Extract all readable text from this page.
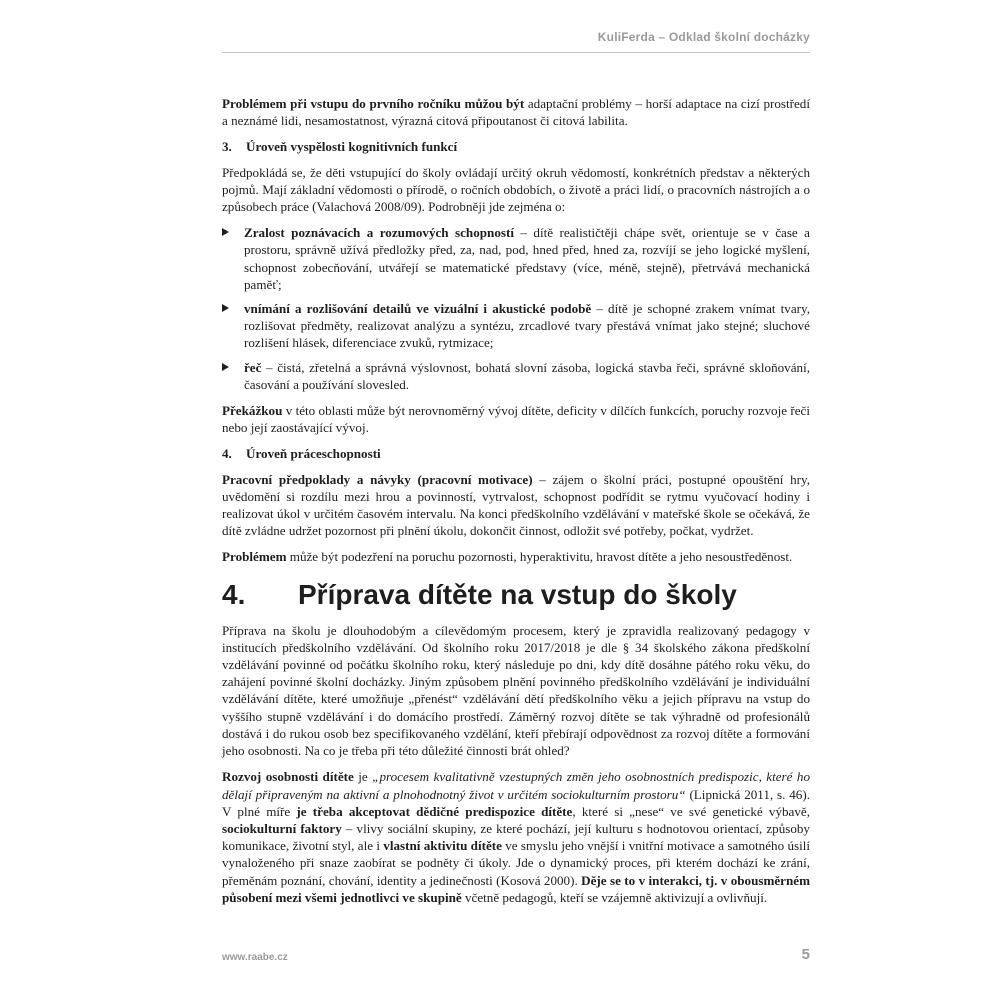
KuliFerda – Odklad školní docházky

Problémem při vstupu do prvního ročníku můžou být adaptační problémy – horší adaptace na cizí prostředí a neznámé lidi, nesamostatnost, výrazná citová připoutanost či citová labilita.

3. Úroveň vyspělosti kognitivních funkcí

Předpokládá se, že děti vstupující do školy ovládají určitý okruh vědomostí, konkrétních představ a některých pojmů. Mají základní vědomosti o přírodě, o ročních obdobích, o životě a práci lidí, o pracovních nástrojích a o způsobech práce (Valachová 2008/09). Podrobněji jde zejména o:

Zralost poznávacích a rozumových schopností – dítě realističtěji chápe svět, orientuje se v čase a prostoru, správně užívá předložky před, za, nad, pod, hned před, hned za, rozvíjí se jeho logické myšlení, schopnost zobecňování, utvářejí se matematické představy (více, méně, stejně), přetrvává mechanická paměť;
vnímání a rozlišování detailů ve vizuální i akustické podobě – dítě je schopné zrakem vnímat tvary, rozlišovat předměty, realizovat analýzu a syntézu, zrcadlové tvary přestává vnímat jako stejné; sluchové rozlišení hlásek, diferenciace zvuků, rytmizace;
řeč – čistá, zřetelná a správná výslovnost, bohatá slovní zásoba, logická stavba řeči, správné skloňování, časování a používání slovesled.

Překážkou v této oblasti může být nerovnoměrný vývoj dítěte, deficity v dílčích funkcích, poruchy rozvoje řeči nebo její zaostávající vývoj.

4. Úroveň práceschopnosti

Pracovní předpoklady a návyky (pracovní motivace) – zájem o školní práci, postupné opouštění hry, uvědomění si rozdílu mezi hrou a povinností, vytrvalost, schopnost podřídit se rytmu vyučovací hodiny i realizovat úkol v určitém časovém intervalu. Na konci předškolního vzdělávání v mateřské škole se očekává, že dítě zvládne udržet pozornost při plnění úkolu, dokončit činnost, odložit své potřeby, počkat, vydržet.

Problémem může být podezření na poruchu pozornosti, hyperaktivitu, hravost dítěte a jeho nesoustředěnost.

4. Příprava dítěte na vstup do školy

Příprava na školu je dlouhodobým a cílevědomým procesem, který je zpravidla realizovaný pedagogy v institucích předškolního vzdělávání. Od školního roku 2017/2018 je dle § 34 školského zákona předškolní vzdělávání povinné od počátku školního roku, který následuje po dni, kdy dítě dosáhne pátého roku věku, do zahájení povinné školní docházky. Jiným způsobem plnění povinného předškolního vzdělávání je individuální vzdělávání dítěte, které umožňuje „přenést“ vzdělávání dětí předškolního věku a jejich přípravu na vstup do vyššího stupně vzdělávání i do domácího prostředí. Záměrný rozvoj dítěte se tak výhradně od profesionálů dostává i do rukou osob bez specifikovaného vzdělání, kteří přebírají odpovědnost za rozvoj dítěte a formování jeho osobnosti. Na co je třeba při této důležité činnosti brát ohled?

Rozvoj osobnosti dítěte je „procesem kvalitativně vzestupných změn jeho osobnostních predispozic, které ho dělají připraveným na aktivní a plnohodnotný život v určitém sociokulturním prostoru“ (Lipnická 2011, s. 46). V plné míře je třeba akceptovat dědičné predispozice dítěte, které si „nese“ ve své genetické výbavě, sociokulturní faktory – vlivy sociální skupiny, ze které pochází, její kulturu s hodnotovou orientací, způsoby komunikace, životní styl, ale i vlastní aktivitu dítěte ve smyslu jeho vnější i vnitřní motivace a samotného úsilí vynaloženého při snaze zaobírat se podněty či úkoly. Jde o dynamický proces, při kterém dochází ke zrání, přeměnám poznání, chování, identity a jedinečnosti (Kosová 2000). Děje se to v interakci, tj. v obousměrném působení mezi všemi jednotlivci ve skupině včetně pedagogů, kteří se vzájemně aktivizují a ovlivňují.

www.raabe.cz	5
